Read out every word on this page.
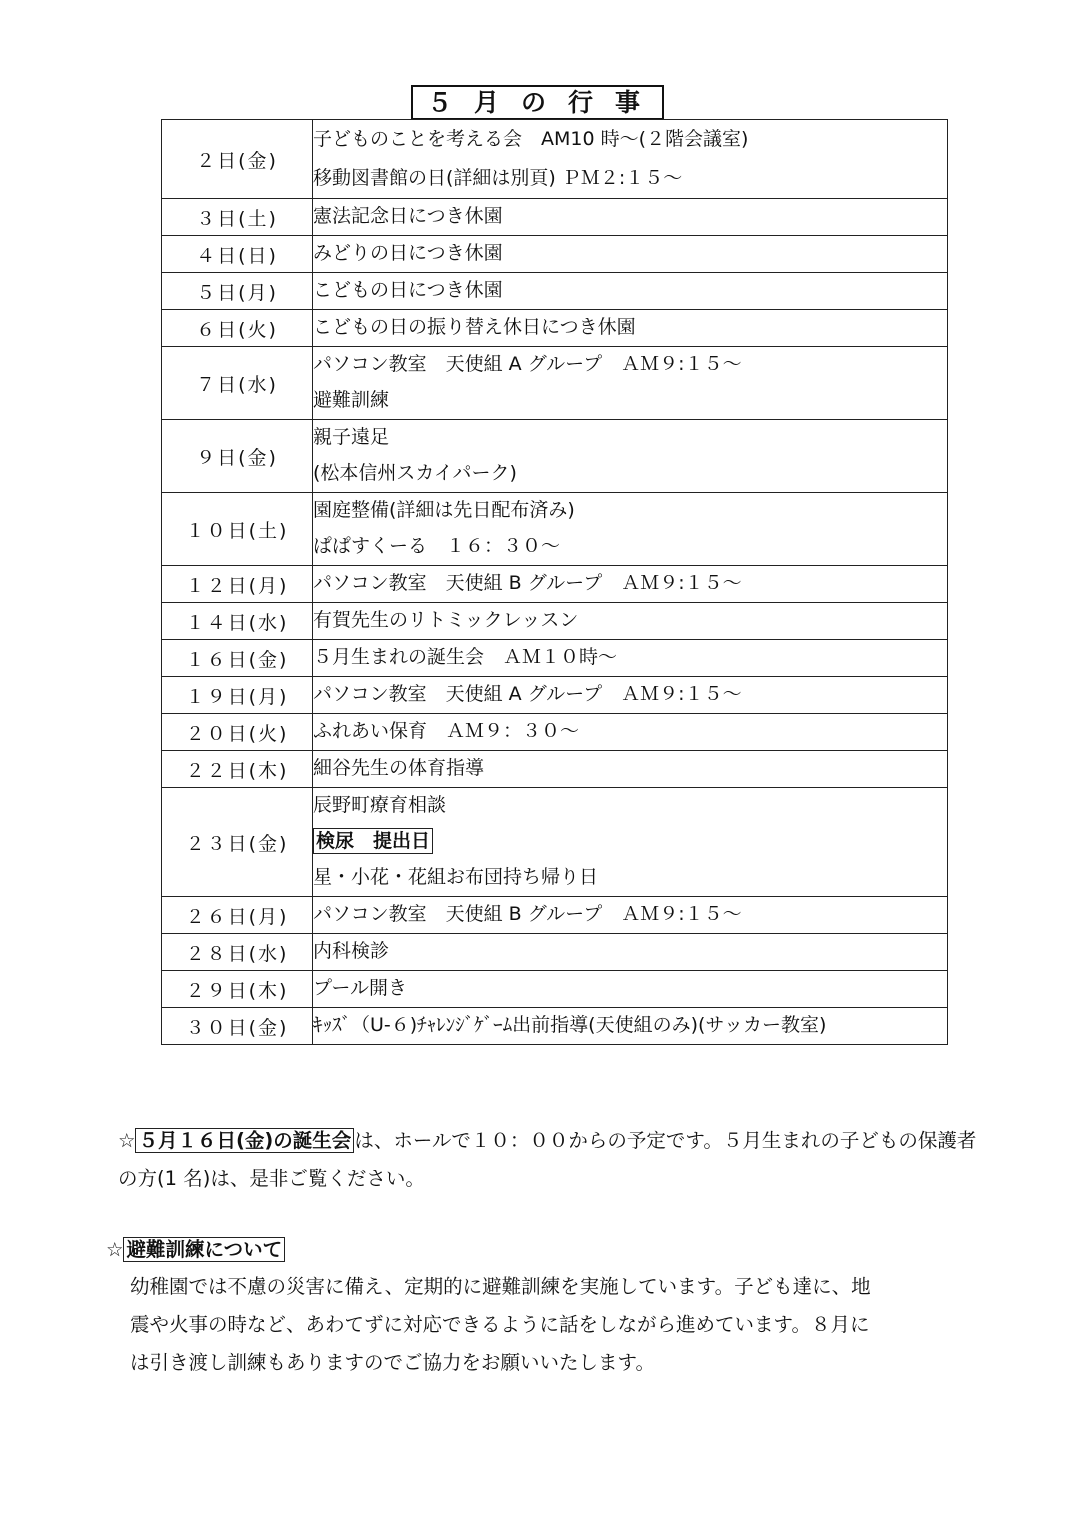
５月の行事
２日(金)	子どものことを考える会　AM10 時～(２階会議室)
移動図書館の日(詳細は別頁) ＰＭ２:１５～

３日(土)	憲法記念日につき休園

４日(日)	みどりの日につき休園

５日(月)	こどもの日につき休園

６日(火)	こどもの日の振り替え休日につき休園

７日(水)	パソコン教室　天使組 A グループ　ＡＭ９:１５～
避難訓練

９日(金)	親子遠足
(松本信州スカイパーク)

１０日(土)	園庭整備(詳細は先日配布済み)
ぱぱすくーる　１６：３０～

１２日(月)	パソコン教室　天使組 B グループ　ＡＭ９:１５～

１４日(水)	有賀先生のリトミックレッスン

１６日(金)	５月生まれの誕生会　ＡＭ１０時～

１９日(月)	パソコン教室　天使組 A グループ　ＡＭ９:１５～

２０日(火)	ふれあい保育　ＡＭ９：３０～

２２日(木)	細谷先生の体育指導

２３日(金)	辰野町療育相談
検尿　提出日
星・小花・花組お布団持ち帰り日

２６日(月)	パソコン教室　天使組 B グループ　ＡＭ９:１５～

２８日(水)	内科検診

２９日(木)	プール開き

３０日(金)	ｷｯｽﾞ（U-６)ﾁｬﾚﾝｼﾞｹﾞｰﾑ出前指導(天使組のみ)(サッカー教室)

☆ ５月１６日(金)の誕生会 は、ホールで１０：００からの予定です。５月生まれの子どもの保護者の方(1 名)は、是非ご覧ください。

☆ 避難訓練について

幼稚園では不慮の災害に備え、定期的に避難訓練を実施しています。子ども達に、地

震や火事の時など、あわてずに対応できるように話をしながら進めています。８月に

は引き渡し訓練もありますのでご協力をお願いいたします。
